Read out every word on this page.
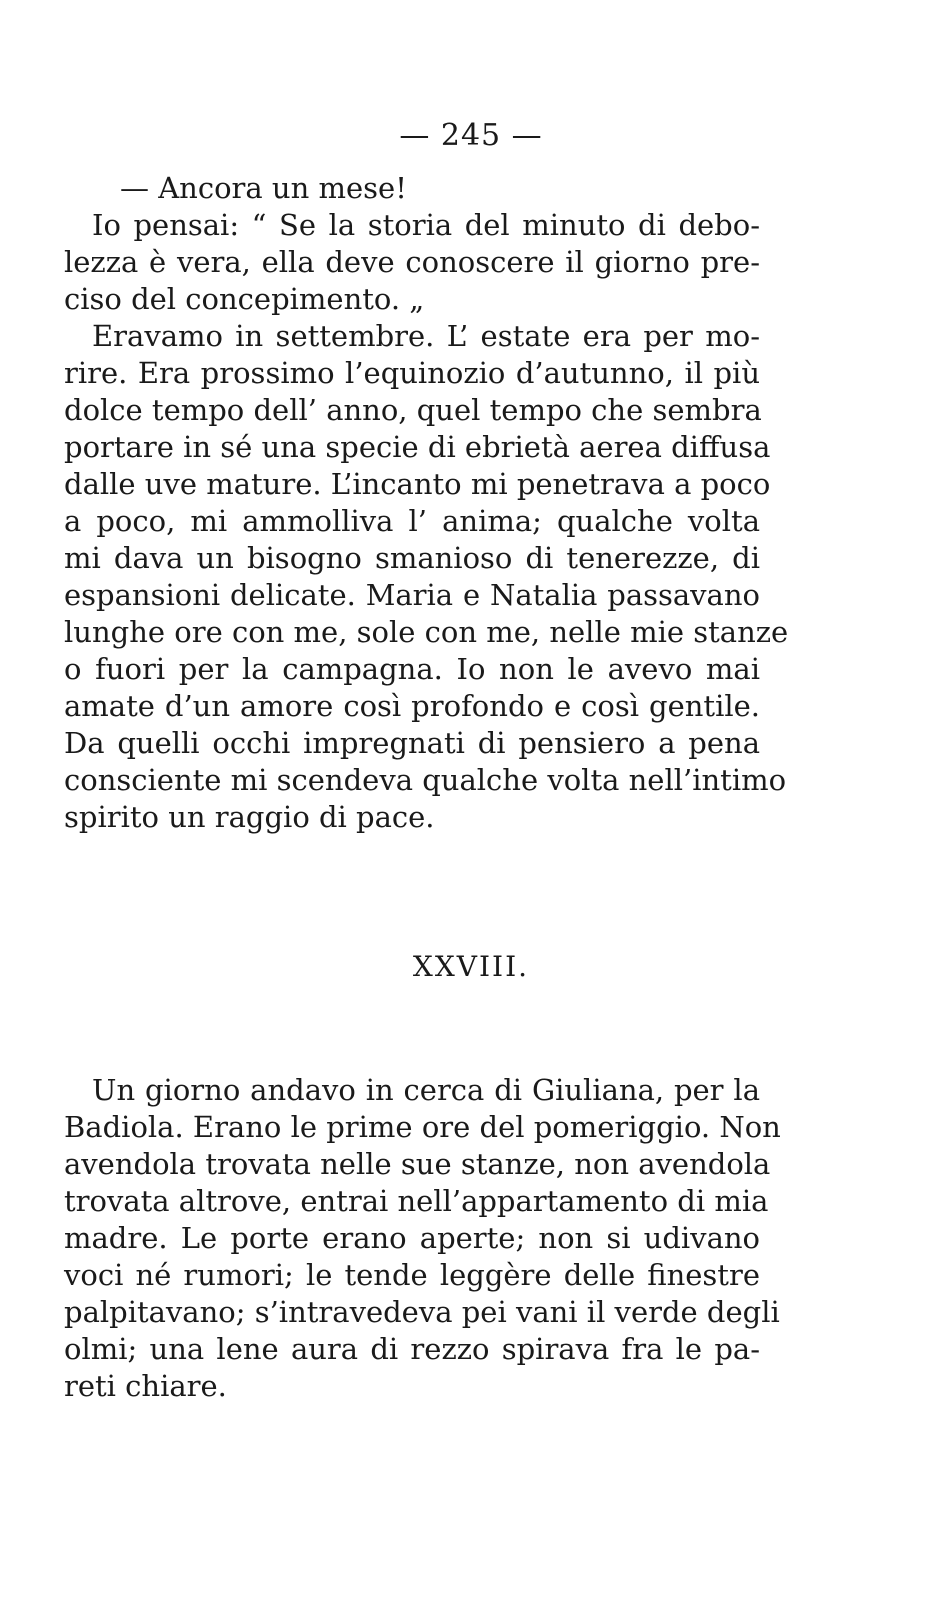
— 245 —
— Ancora un mese!
Io pensai: “ Se la storia del minuto di debo-
lezza è vera, ella deve conoscere il giorno pre-
ciso del concepimento. „
Eravamo in settembre. L’ estate era per mo-
rire. Era prossimo l’equinozio d’autunno, il più
dolce tempo dell’ anno, quel tempo che sembra
portare in sé una specie di ebrietà aerea diffusa
dalle uve mature. L’incanto mi penetrava a poco
a poco, mi ammolliva l’ anima; qualche volta
mi dava un bisogno smanioso di tenerezze, di
espansioni delicate. Maria e Natalia passavano
lunghe ore con me, sole con me, nelle mie stanze
o fuori per la campagna. Io non le avevo mai
amate d’un amore così profondo e così gentile.
Da quelli occhi impregnati di pensiero a pena
consciente mi scendeva qualche volta nell’intimo
spirito un raggio di pace.
XXVIII.
Un giorno andavo in cerca di Giuliana, per la
Badiola. Erano le prime ore del pomeriggio. Non
avendola trovata nelle sue stanze, non avendola
trovata altrove, entrai nell’appartamento di mia
madre. Le porte erano aperte; non si udivano
voci né rumori; le tende leggère delle finestre
palpitavano; s’intravedeva pei vani il verde degli
olmi; una lene aura di rezzo spirava fra le pa-
reti chiare.
